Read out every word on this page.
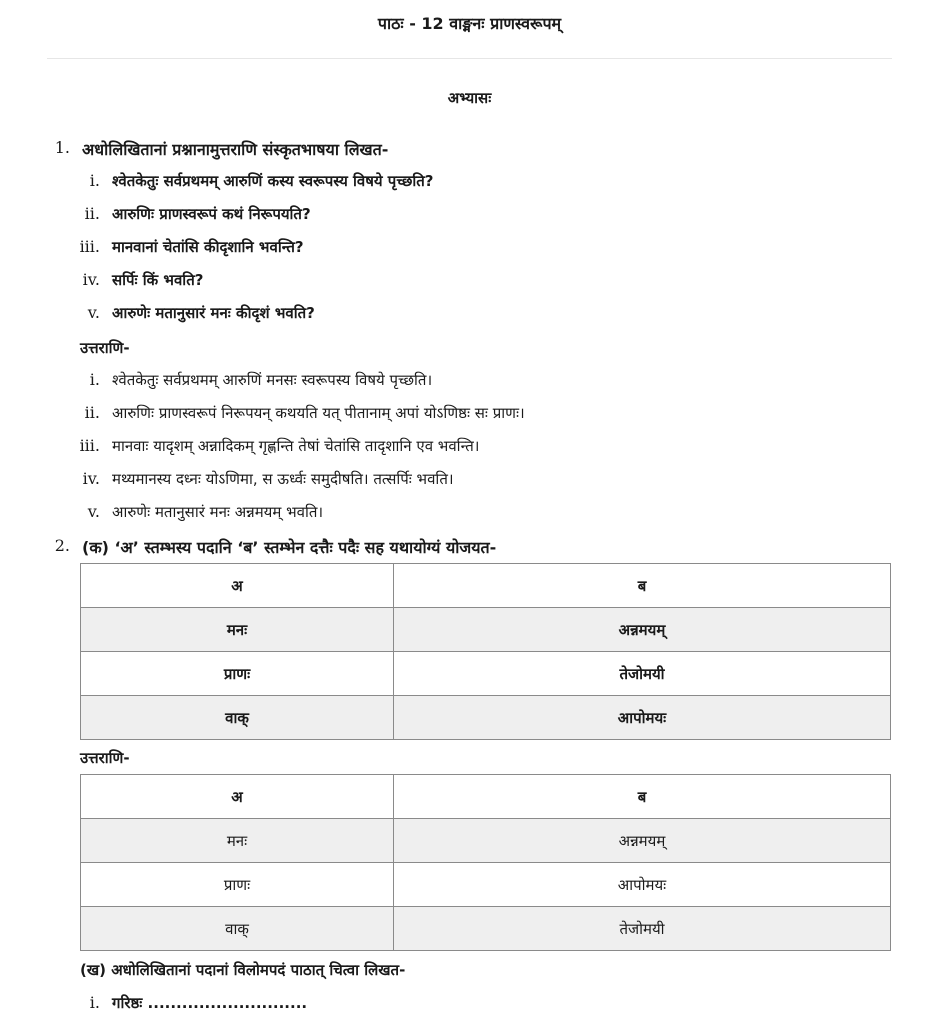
पाठः - 12 वाङ्मनः प्राणस्वरूपम्
अभ्यासः
1. अधोलिखितानां प्रश्नानामुत्तराणि संस्कृतभाषया लिखत-
i. श्वेतकेतुः सर्वप्रथमम् आरुणिं कस्य स्वरूपस्य विषये पृच्छति?
ii. आरुणिः प्राणस्वरूपं कथं निरूपयति?
iii. मानवानां चेतांसि कीदृशानि भवन्ति?
iv. सर्पिः किं भवति?
v. आरुणेः मतानुसारं मनः कीदृशं भवति?
उत्तराणि-
i. श्वेतकेतुः सर्वप्रथमम् आरुणिं मनसः स्वरूपस्य विषये पृच्छति।
ii. आरुणिः प्राणस्वरूपं निरूपयन् कथयति यत् पीतानाम् अपां योऽणिष्ठः सः प्राणः।
iii. मानवाः यादृशम् अन्नादिकम् गृह्णन्ति तेषां चेतांसि तादृशानि एव भवन्ति।
iv. मथ्यमानस्य दध्नः योऽणिमा, स ऊर्ध्वः समुदीषति। तत्सर्पिः भवति।
v. आरुणेः मतानुसारं मनः अन्नमयम् भवति।
2. (क) ‘अ’ स्तम्भस्य पदानि ‘ब’ स्तम्भेन दत्तैः पदैः सह यथायोग्यं योजयत-
अ	ब
मनः	अन्नमयम्
प्राणः	तेजोमयी
वाक्	आपोमयः
उत्तराणि-
अ	ब
मनः	अन्नमयम्
प्राणः	आपोमयः
वाक्	तेजोमयी
(ख) अधोलिखितानां पदानां विलोमपदं पाठात् चित्वा लिखत-
i. गरिष्ठः ............................
